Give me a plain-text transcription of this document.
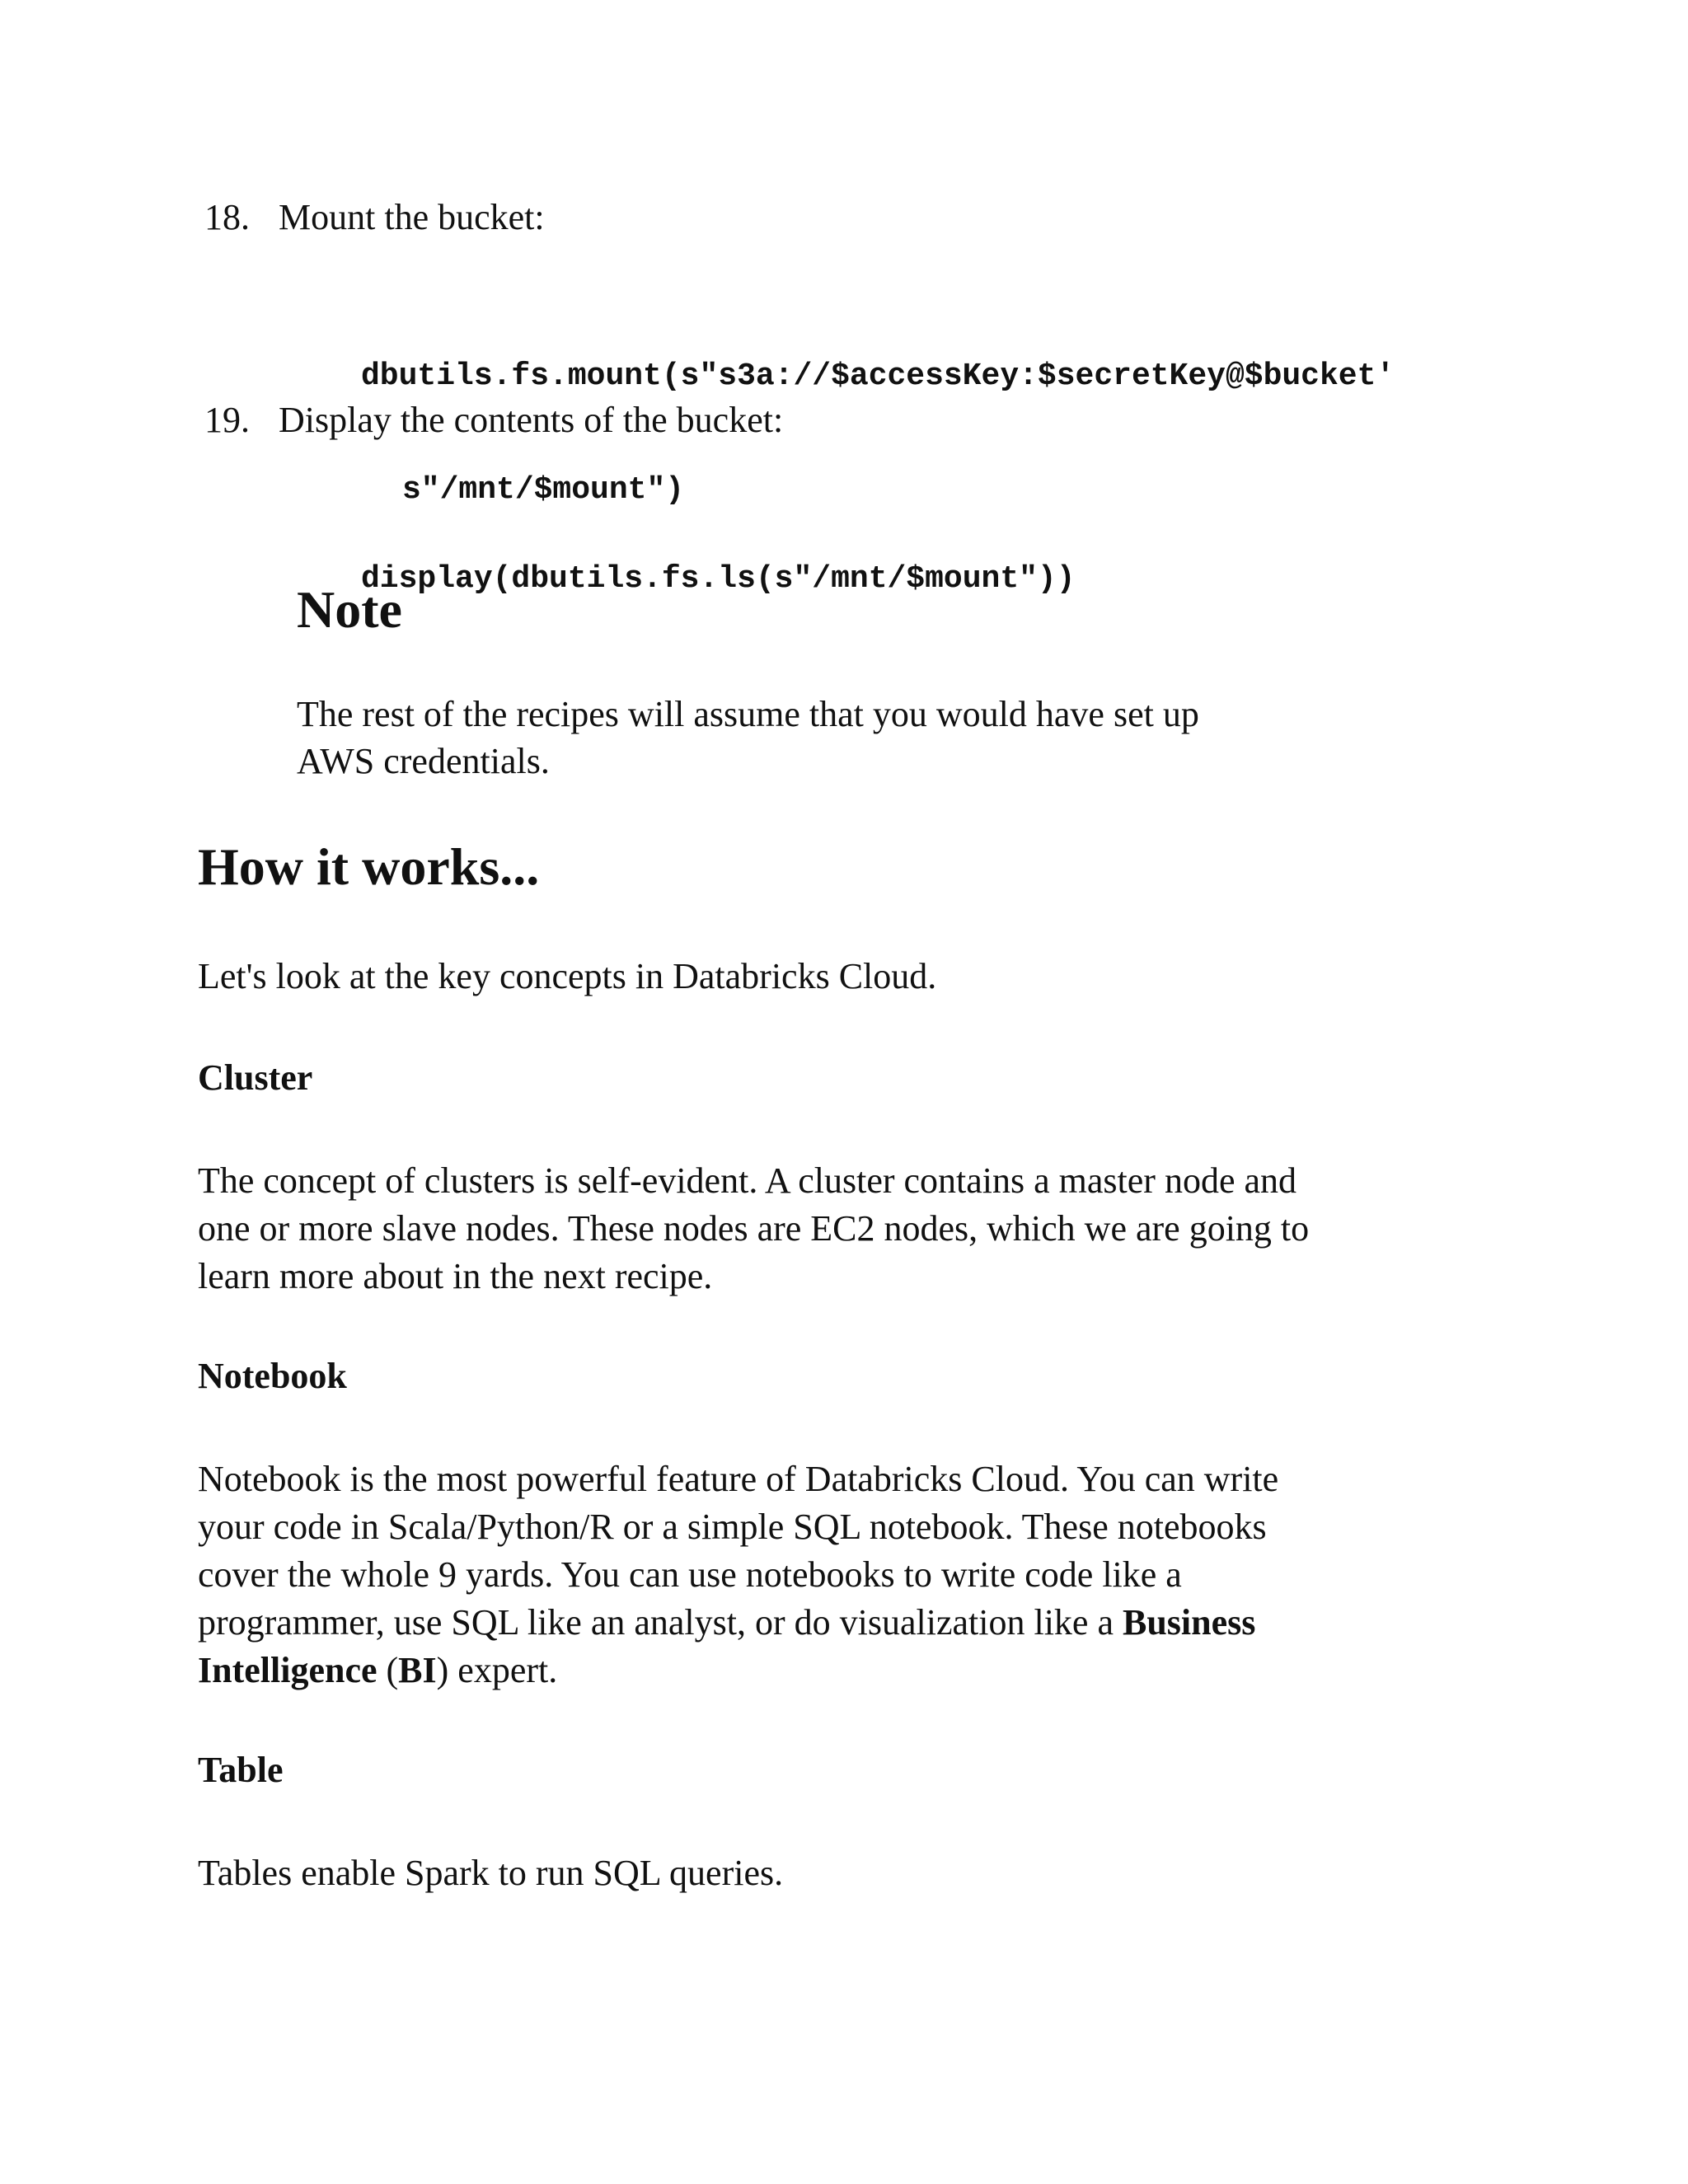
18. Mount the bucket:

dbutils.fs.mount(s"s3a://$accessKey:$secretKey@$bucket'

s"/mnt/$mount")

19. Display the contents of the bucket:

display(dbutils.fs.ls(s"/mnt/$mount"))

Note
The rest of the recipes will assume that you would have set up
AWS credentials.
How it works...
Let's look at the key concepts in Databricks Cloud.
Cluster
The concept of clusters is self-evident. A cluster contains a master node and
one or more slave nodes. These nodes are EC2 nodes, which we are going to
learn more about in the next recipe.
Notebook
Notebook is the most powerful feature of Databricks Cloud. You can write
your code in Scala/Python/R or a simple SQL notebook. These notebooks
cover the whole 9 yards. You can use notebooks to write code like a
programmer, use SQL like an analyst, or do visualization like a Business
Intelligence (BI) expert.
Table
Tables enable Spark to run SQL queries.
